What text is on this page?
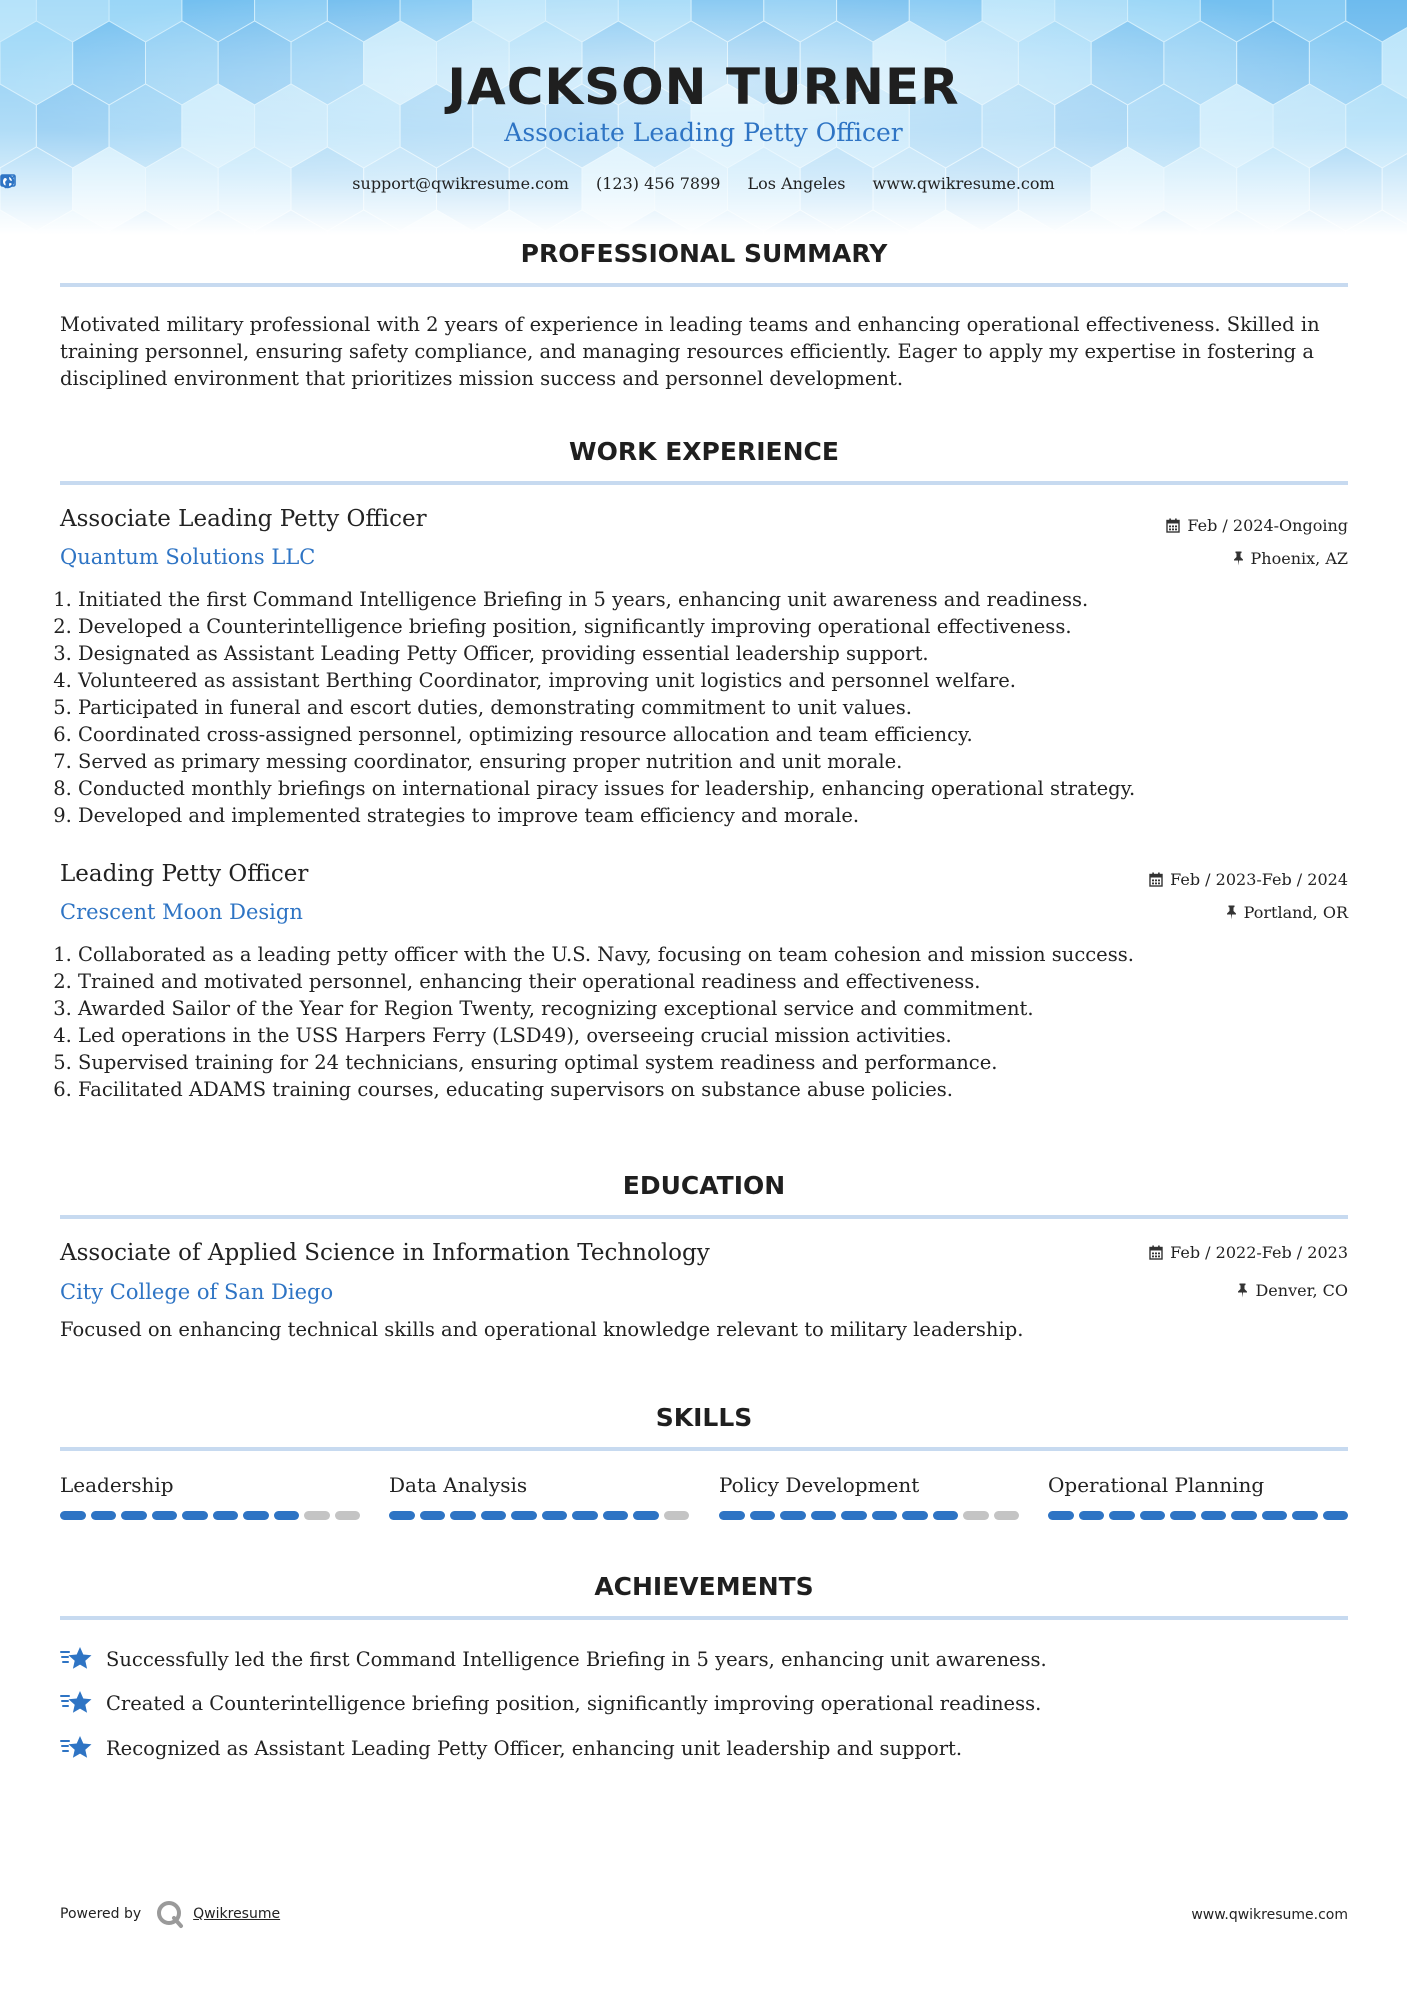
JACKSON TURNER
Associate Leading Petty Officer
support@qwikresume.com
(123) 456 7899
Los Angeles
www.qwikresume.com
PROFESSIONAL SUMMARY
Motivated military professional with 2 years of experience in leading teams and enhancing operational effectiveness. Skilled in training personnel, ensuring safety compliance, and managing resources efficiently. Eager to apply my expertise in fostering a disciplined environment that prioritizes mission success and personnel development.
WORK EXPERIENCE
Associate Leading Petty Officer	Feb / 2024-Ongoing
Quantum Solutions LLC	Phoenix, AZ
1. Initiated the first Command Intelligence Briefing in 5 years, enhancing unit awareness and readiness.
2. Developed a Counterintelligence briefing position, significantly improving operational effectiveness.
3. Designated as Assistant Leading Petty Officer, providing essential leadership support.
4. Volunteered as assistant Berthing Coordinator, improving unit logistics and personnel welfare.
5. Participated in funeral and escort duties, demonstrating commitment to unit values.
6. Coordinated cross-assigned personnel, optimizing resource allocation and team efficiency.
7. Served as primary messing coordinator, ensuring proper nutrition and unit morale.
8. Conducted monthly briefings on international piracy issues for leadership, enhancing operational strategy.
9. Developed and implemented strategies to improve team efficiency and morale.
Leading Petty Officer	Feb / 2023-Feb / 2024
Crescent Moon Design	Portland, OR
1. Collaborated as a leading petty officer with the U.S. Navy, focusing on team cohesion and mission success.
2. Trained and motivated personnel, enhancing their operational readiness and effectiveness.
3. Awarded Sailor of the Year for Region Twenty, recognizing exceptional service and commitment.
4. Led operations in the USS Harpers Ferry (LSD49), overseeing crucial mission activities.
5. Supervised training for 24 technicians, ensuring optimal system readiness and performance.
6. Facilitated ADAMS training courses, educating supervisors on substance abuse policies.
EDUCATION
Associate of Applied Science in Information Technology	Feb / 2022-Feb / 2023
City College of San Diego	Denver, CO
Focused on enhancing technical skills and operational knowledge relevant to military leadership.
SKILLS
Leadership	Data Analysis	Policy Development	Operational Planning
ACHIEVEMENTS
Successfully led the first Command Intelligence Briefing in 5 years, enhancing unit awareness.
Created a Counterintelligence briefing position, significantly improving operational readiness.
Recognized as Assistant Leading Petty Officer, enhancing unit leadership and support.
Powered by	Qwikresume	www.qwikresume.com
